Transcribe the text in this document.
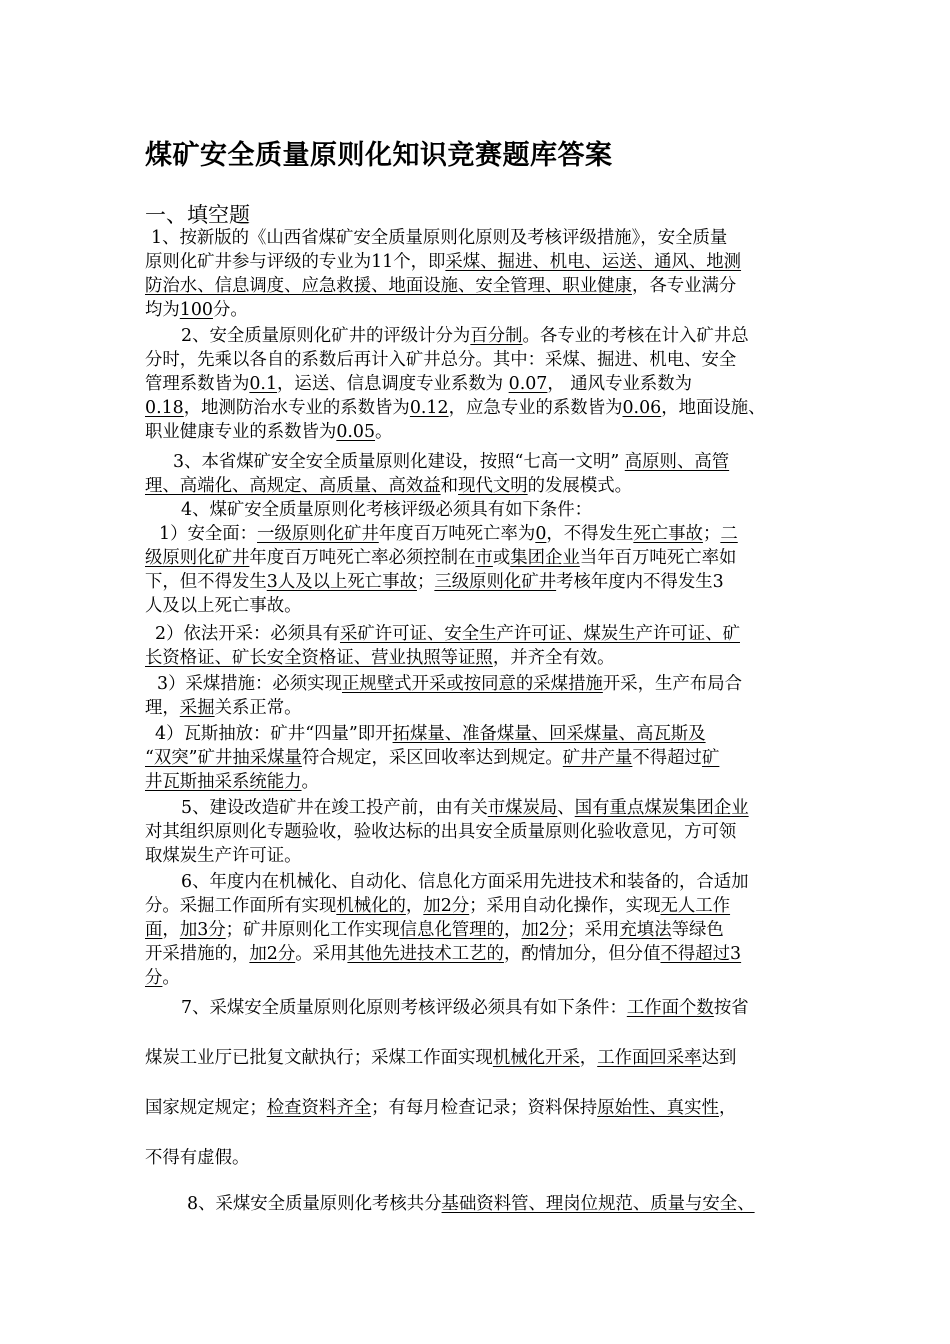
煤矿安全质量原则化知识竞赛题库答案
一、填空题
1、按新版的《山西省煤矿安全质量原则化原则及考核评级措施》，安全质量
原则化矿井参与评级的专业为11个，即采煤、掘进、机电、运送、通风、地测
防治水、信息调度、应急救援、地面设施、安全管理、职业健康，各专业满分
均为100分。
2、安全质量原则化矿井的评级计分为百分制。各专业的考核在计入矿井总
分时，先乘以各自的系数后再计入矿井总分。其中：采煤、掘进、机电、安全
管理系数皆为0.1，运送、信息调度专业系数为 0.07， 通风专业系数为
0.18，地测防治水专业的系数皆为0.12，应急专业的系数皆为0.06，地面设施、
职业健康专业的系数皆为0.05。
3、本省煤矿安全安全质量原则化建设，按照“七高一文明” 高原则、高管
理、高端化、高规定、高质量、高效益和现代文明的发展模式。
4、煤矿安全质量原则化考核评级必须具有如下条件：
1）安全面：一级原则化矿井年度百万吨死亡率为0，不得发生死亡事故；二
级原则化矿井年度百万吨死亡率必须控制在市或集团企业当年百万吨死亡率如
下，但不得发生3人及以上死亡事故；三级原则化矿井考核年度内不得发生3
人及以上死亡事故。
2）依法开采：必须具有采矿许可证、安全生产许可证、煤炭生产许可证、矿
长资格证、矿长安全资格证、营业执照等证照，并齐全有效。
3）采煤措施：必须实现正规壁式开采或按同意的采煤措施开采，生产布局合
理，采掘关系正常。
4）瓦斯抽放：矿井“四量”即开拓煤量、准备煤量、回采煤量、高瓦斯及
“双突”矿井抽采煤量符合规定，采区回收率达到规定。矿井产量不得超过矿
井瓦斯抽采系统能力。
5、建设改造矿井在竣工投产前，由有关市煤炭局、国有重点煤炭集团企业
对其组织原则化专题验收，验收达标的出具安全质量原则化验收意见，方可领
取煤炭生产许可证。
6、年度内在机械化、自动化、信息化方面采用先进技术和装备的，合适加
分。采掘工作面所有实现机械化的，加2分；采用自动化操作，实现无人工作
面，加3分；矿井原则化工作实现信息化管理的，加2分；采用充填法等绿色
开采措施的，加2分。采用其他先进技术工艺的，酌情加分，但分值不得超过3
分。
7、采煤安全质量原则化原则考核评级必须具有如下条件：工作面个数按省
煤炭工业厅已批复文献执行；采煤工作面实现机械化开采，工作面回采率达到
国家规定规定；检查资料齐全；有每月检查记录；资料保持原始性、真实性，
不得有虚假。
8、采煤安全质量原则化考核共分基础资料管、理岗位规范、质量与安全、
